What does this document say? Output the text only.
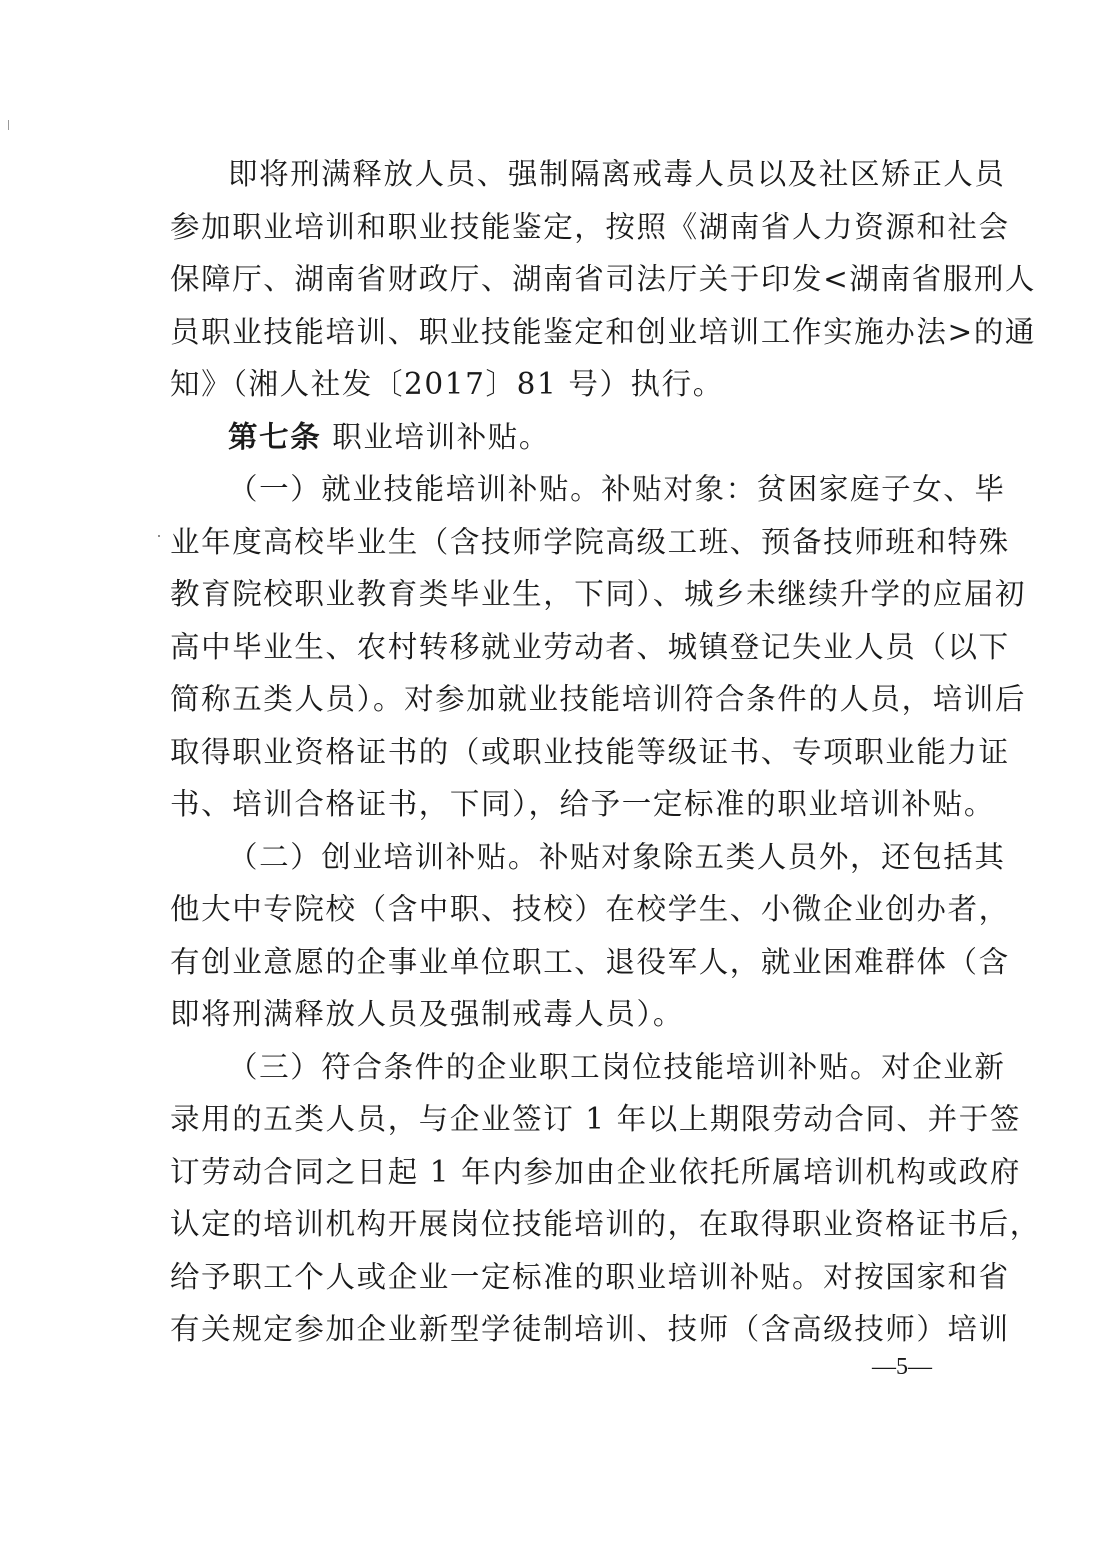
即将刑满释放人员、强制隔离戒毒人员以及社区矫正人员
参加职业培训和职业技能鉴定，按照《湖南省人力资源和社会
保障厅、湖南省财政厅、湖南省司法厅关于印发<湖南省服刑人
员职业技能培训、职业技能鉴定和创业培训工作实施办法>的通
知》（湘人社发〔2017〕81 号）执行。
第七条 职业培训补贴。
（一）就业技能培训补贴。补贴对象：贫困家庭子女、毕
业年度高校毕业生（含技师学院高级工班、预备技师班和特殊
教育院校职业教育类毕业生，下同）、城乡未继续升学的应届初
高中毕业生、农村转移就业劳动者、城镇登记失业人员（以下
简称五类人员）。对参加就业技能培训符合条件的人员，培训后
取得职业资格证书的（或职业技能等级证书、专项职业能力证
书、培训合格证书，下同），给予一定标准的职业培训补贴。
（二）创业培训补贴。补贴对象除五类人员外，还包括其
他大中专院校（含中职、技校）在校学生、小微企业创办者，
有创业意愿的企事业单位职工、退役军人，就业困难群体（含
即将刑满释放人员及强制戒毒人员）。
（三）符合条件的企业职工岗位技能培训补贴。对企业新
录用的五类人员，与企业签订 1 年以上期限劳动合同、并于签
订劳动合同之日起 1 年内参加由企业依托所属培训机构或政府
认定的培训机构开展岗位技能培训的，在取得职业资格证书后，
给予职工个人或企业一定标准的职业培训补贴。对按国家和省
有关规定参加企业新型学徒制培训、技师（含高级技师）培训
—5—
